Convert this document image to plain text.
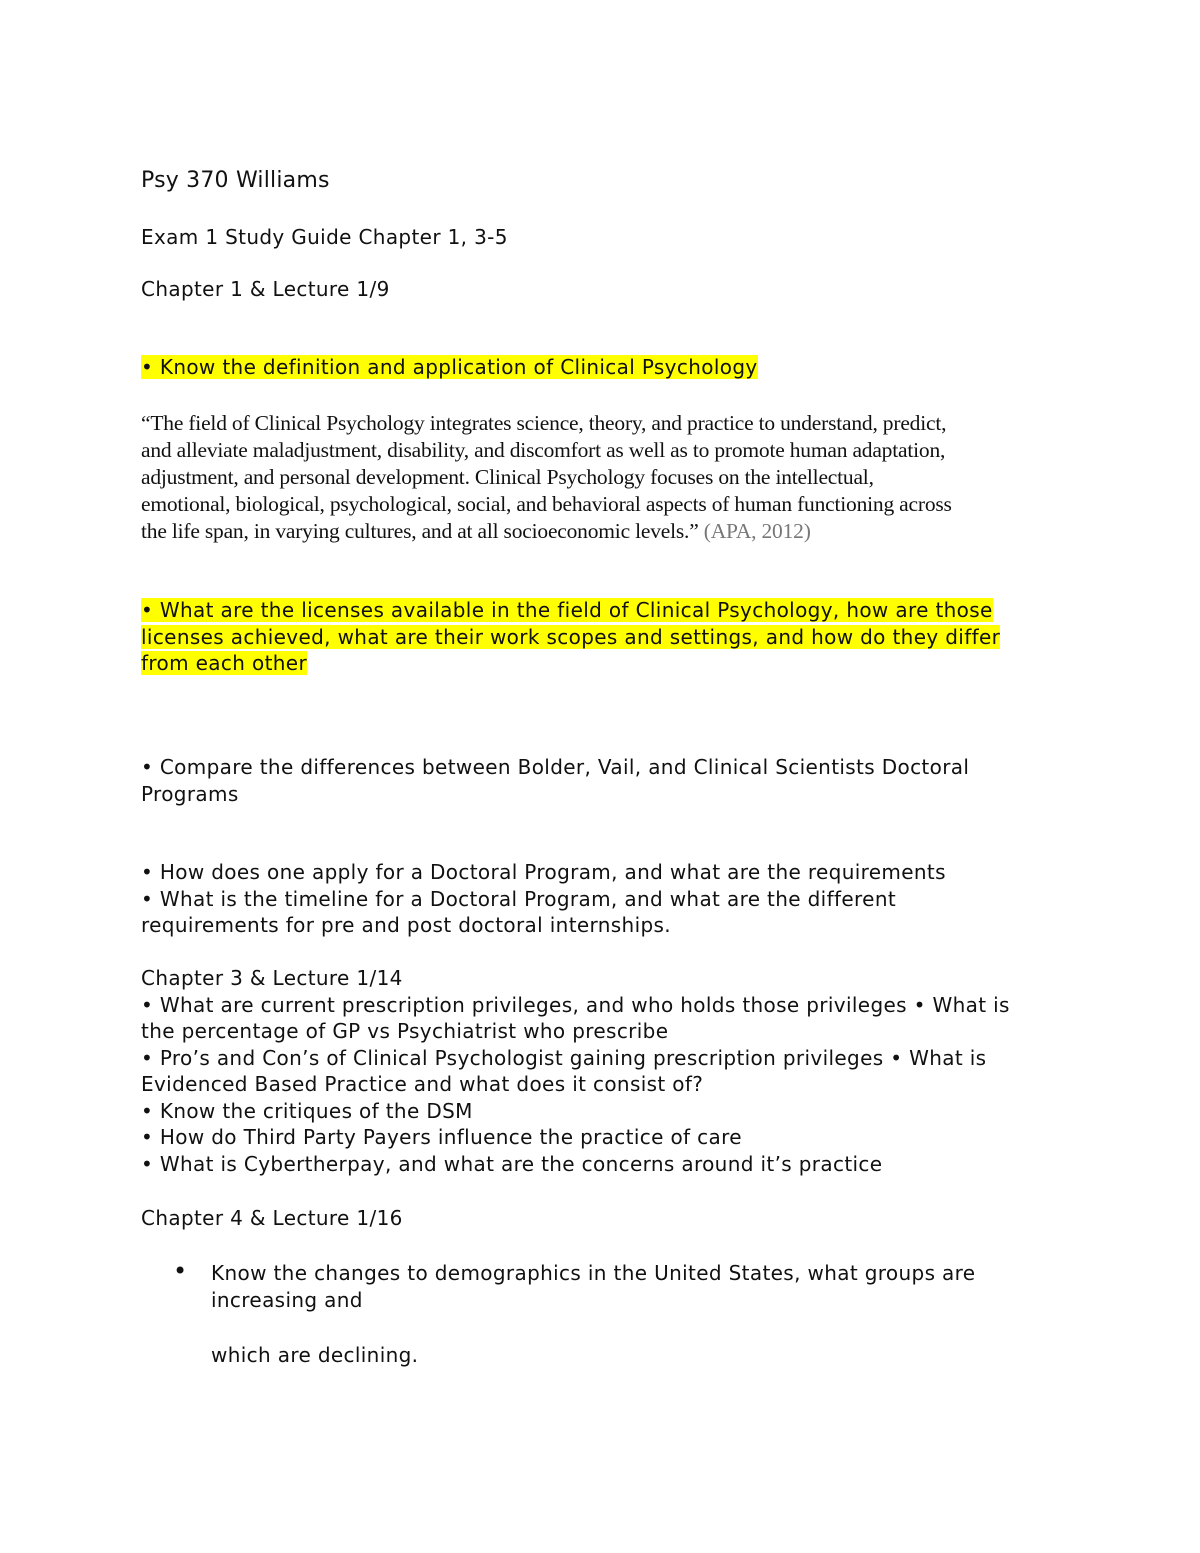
Psy 370 Williams
Exam 1 Study Guide Chapter 1, 3-5
Chapter 1 & Lecture 1/9
• Know the definition and application of Clinical Psychology
“The field of Clinical Psychology integrates science, theory, and practice to understand, predict,
and alleviate maladjustment, disability, and discomfort as well as to promote human adaptation,
adjustment, and personal development. Clinical Psychology focuses on the intellectual,
emotional, biological, psychological, social, and behavioral aspects of human functioning across
the life span, in varying cultures, and at all socioeconomic levels.” (APA, 2012)
• What are the licenses available in the field of Clinical Psychology, how are those
licenses achieved, what are their work scopes and settings, and how do they differ
from each other
• Compare the differences between Bolder, Vail, and Clinical Scientists Doctoral
Programs
• How does one apply for a Doctoral Program, and what are the requirements
• What is the timeline for a Doctoral Program, and what are the different
requirements for pre and post doctoral internships.
Chapter 3 & Lecture 1/14
• What are current prescription privileges, and who holds those privileges • What is
the percentage of GP vs Psychiatrist who prescribe
• Pro’s and Con’s of Clinical Psychologist gaining prescription privileges • What is
Evidenced Based Practice and what does it consist of?
• Know the critiques of the DSM
• How do Third Party Payers influence the practice of care
• What is Cybertherpay, and what are the concerns around it’s practice
Chapter 4 & Lecture 1/16
• Know the changes to demographics in the United States, what groups are
increasing and
which are declining.
